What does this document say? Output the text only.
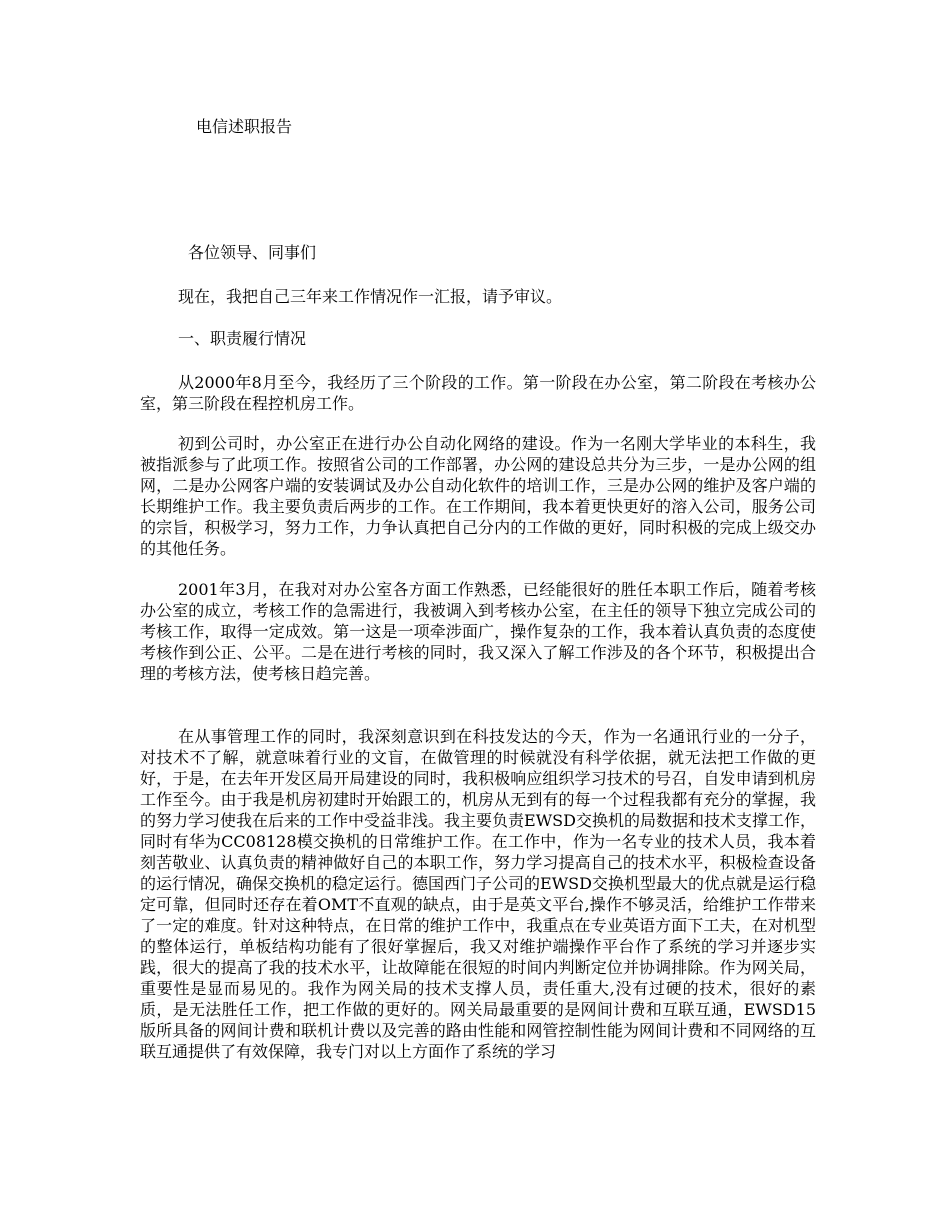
电信述职报告
各位领导、同事们
现在，我把自己三年来工作情况作一汇报，请予审议。
一、职责履行情况

从2000年8月至今，我经历了三个阶段的工作。第一阶段在办公室，第二阶段在考核办公室，第三阶段在程控机房工作。

初到公司时，办公室正在进行办公自动化网络的建设。作为一名刚大学毕业的本科生，我被指派参与了此项工作。按照省公司的工作部署，办公网的建设总共分为三步，一是办公网的组网，二是办公网客户端的安装调试及办公自动化软件的培训工作，三是办公网的维护及客户端的长期维护工作。我主要负责后两步的工作。在工作期间，我本着更快更好的溶入公司，服务公司的宗旨，积极学习，努力工作，力争认真把自己分内的工作做的更好，同时积极的完成上级交办的其他任务。

2001年3月，在我对对办公室各方面工作熟悉，已经能很好的胜任本职工作后，随着考核办公室的成立，考核工作的急需进行，我被调入到考核办公室，在主任的领导下独立完成公司的考核工作，取得一定成效。第一这是一项牵涉面广，操作复杂的工作，我本着认真负责的态度使考核作到公正、公平。二是在进行考核的同时，我又深入了解工作涉及的各个环节，积极提出合理的考核方法，使考核日趋完善。

在从事管理工作的同时，我深刻意识到在科技发达的今天，作为一名通讯行业的一分子，对技术不了解，就意味着行业的文盲，在做管理的时候就没有科学依据，就无法把工作做的更好，于是，在去年开发区局开局建设的同时，我积极响应组织学习技术的号召，自发申请到机房工作至今。由于我是机房初建时开始跟工的，机房从无到有的每一个过程我都有充分的掌握，我的努力学习使我在后来的工作中受益非浅。我主要负责EWSD交换机的局数据和技术支撑工作，同时有华为CC08128模交换机的日常维护工作。在工作中，作为一名专业的技术人员，我本着刻苦敬业、认真负责的精神做好自己的本职工作，努力学习提高自己的技术水平，积极检查设备的运行情况，确保交换机的稳定运行。德国西门子公司的EWSD交换机型最大的优点就是运行稳定可靠，但同时还存在着OMT不直观的缺点，由于是英文平台,操作不够灵活，给维护工作带来了一定的难度。针对这种特点，在日常的维护工作中，我重点在专业英语方面下工夫，在对机型的整体运行，单板结构功能有了很好掌握后，我又对维护端操作平台作了系统的学习并逐步实践，很大的提高了我的技术水平，让故障能在很短的时间内判断定位并协调排除。作为网关局，重要性是显而易见的。我作为网关局的技术支撑人员，责任重大,没有过硬的技术，很好的素质，是无法胜任工作，把工作做的更好的。网关局最重要的是网间计费和互联互通，EWSD15版所具备的网间计费和联机计费以及完善的路由性能和网管控制性能为网间计费和不同网络的互联互通提供了有效保障，我专门对以上方面作了系统的学习
